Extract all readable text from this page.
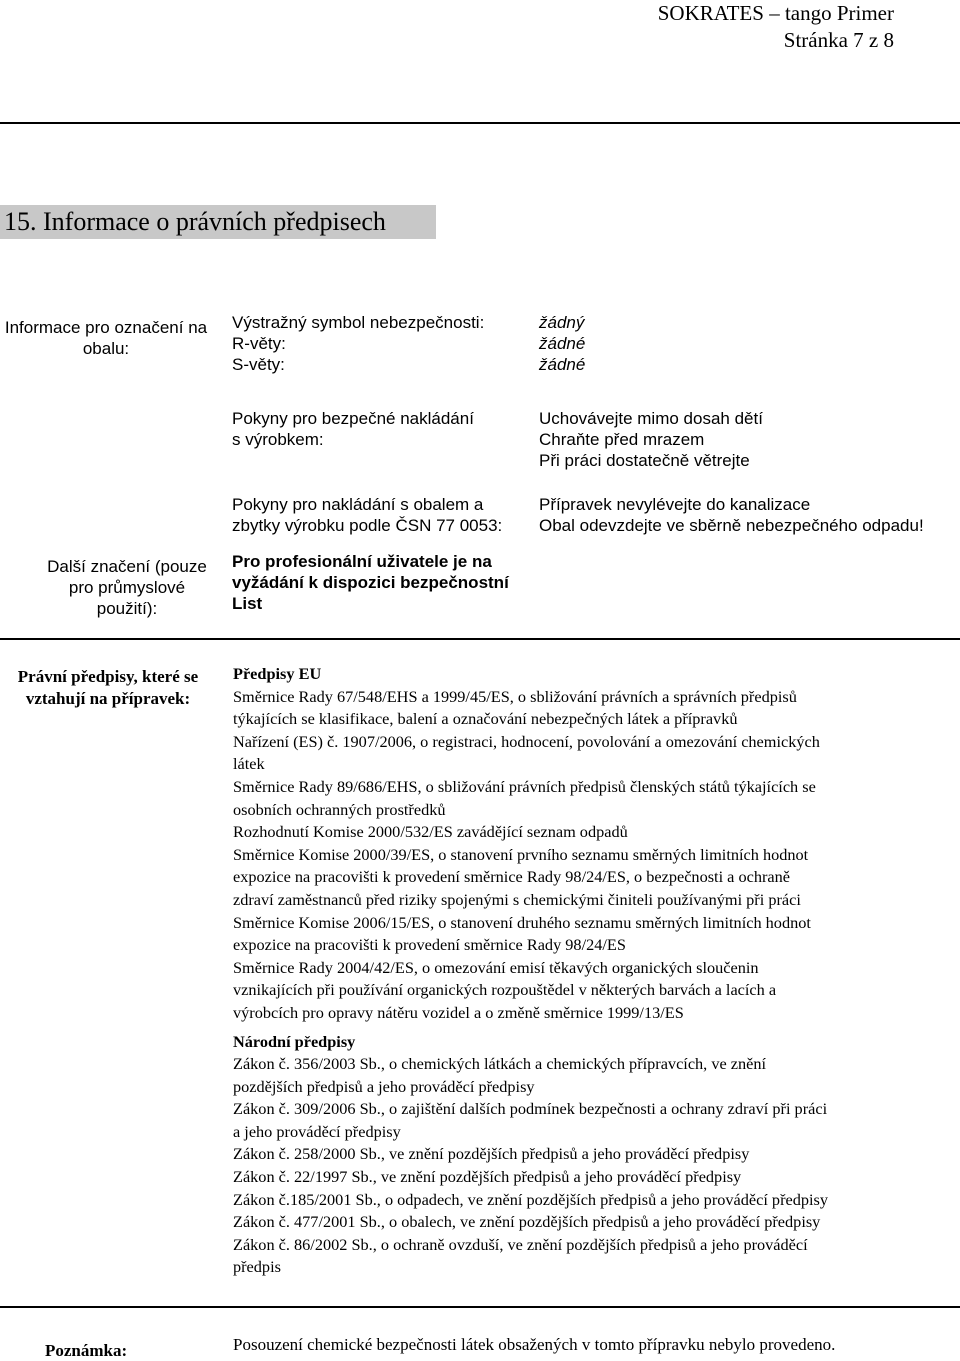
SOKRATES – tango Primer
Stránka 7 z 8
15. Informace o právních předpisech
Informace pro označení na
obalu:
Výstražný symbol nebezpečnosti:
R-věty:
S-věty:
žádný
žádné
žádné
Pokyny pro bezpečné nakládání
s výrobkem:
Uchovávejte mimo dosah dětí
Chraňte před mrazem
Při práci dostatečně větrejte
Pokyny pro nakládání s obalem a
zbytky výrobku podle ČSN 77 0053:
Přípravek nevylévejte do kanalizace
Obal odevzdejte ve sběrně nebezpečného odpadu!
Další značení (pouze
pro průmyslové
použití):
Pro profesionální uživatele je na
vyžádání k dispozici bezpečnostní
List
Právní předpisy, které se
vztahují na přípravek:
Předpisy EU
Směrnice Rady 67/548/EHS a 1999/45/ES, o sbližování právních a správních předpisů
týkajících se klasifikace, balení a označování nebezpečných látek a přípravků
Nařízení (ES) č. 1907/2006, o registraci, hodnocení, povolování a omezování chemických
látek
Směrnice Rady 89/686/EHS, o sbližování právních předpisů členských států týkajících se
osobních ochranných prostředků
Rozhodnutí Komise 2000/532/ES zavádějící seznam odpadů
Směrnice Komise 2000/39/ES, o stanovení prvního seznamu směrných limitních hodnot
expozice na pracovišti k provedení směrnice Rady 98/24/ES, o bezpečnosti a ochraně
zdraví zaměstnanců před riziky spojenými s chemickými činiteli používanými při práci
Směrnice Komise 2006/15/ES, o stanovení druhého seznamu směrných limitních hodnot
expozice na pracovišti k provedení směrnice Rady 98/24/ES
Směrnice Rady 2004/42/ES, o omezování emisí těkavých organických sloučenin
vznikajících při používání organických rozpouštědel v některých barvách a lacích a
výrobcích pro opravy nátěru vozidel a o změně směrnice 1999/13/ES
Národní předpisy
Zákon č. 356/2003 Sb., o chemických látkách a chemických přípravcích, ve znění
pozdějších předpisů a jeho prováděcí předpisy
Zákon č. 309/2006 Sb., o zajištění dalších podmínek bezpečnosti a ochrany zdraví při práci
a jeho prováděcí předpisy
Zákon č. 258/2000 Sb., ve znění pozdějších předpisů a jeho prováděcí předpisy
Zákon č. 22/1997 Sb., ve znění pozdějších předpisů a jeho prováděcí předpisy
Zákon č.185/2001 Sb., o odpadech, ve znění pozdějších předpisů a jeho prováděcí předpisy
Zákon č. 477/2001 Sb., o obalech, ve znění pozdějších předpisů a jeho prováděcí předpisy
Zákon č. 86/2002 Sb., o ochraně ovzduší, ve znění pozdějších předpisů a jeho prováděcí
předpis
Poznámka:	Posouzení chemické bezpečnosti látek obsažených v tomto přípravku nebylo provedeno.
